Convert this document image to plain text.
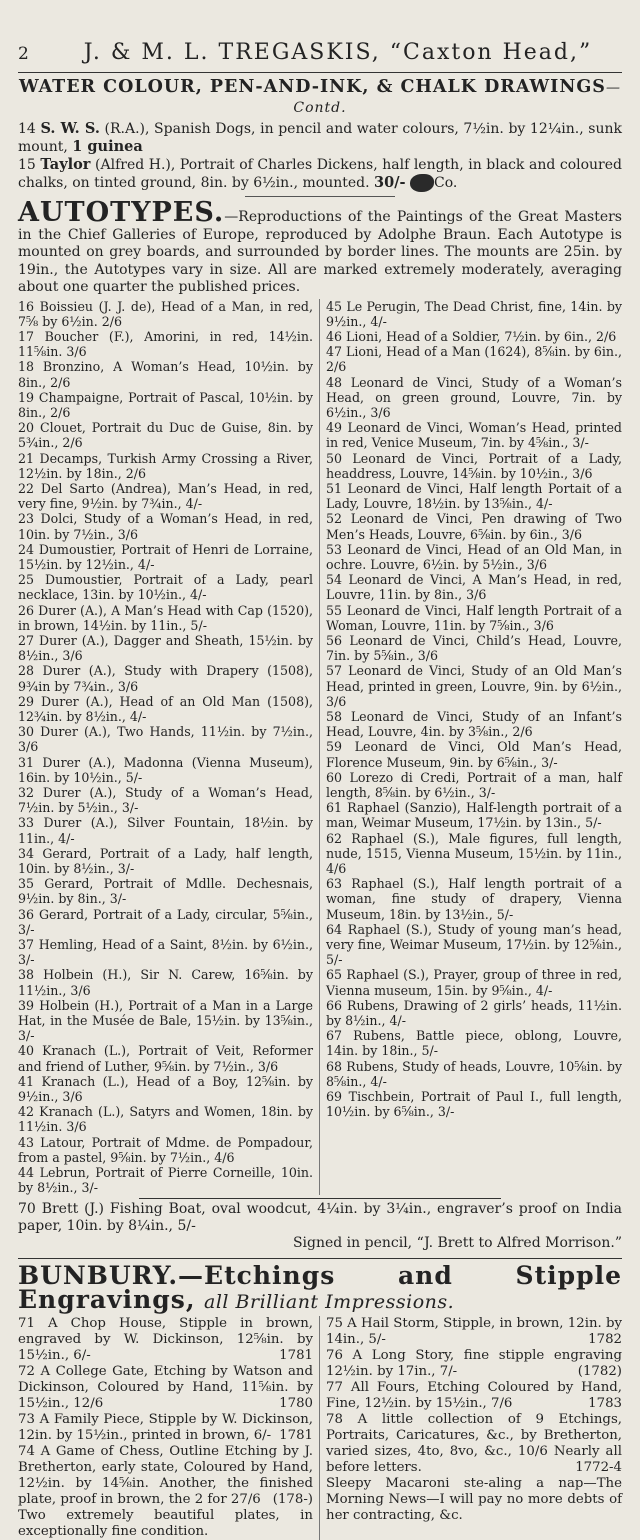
2	J. & M. L. TREGASKIS, “Caxton Head,”
WATER COLOUR, PEN-AND-INK, & CHALK DRAWINGS—Contd.

14 S. W. S. (R.A.), Spanish Dogs, in pencil and water colours, 7½in. by 12¼in., sunk mount, 1 guinea

15 Taylor (Alfred H.), Portrait of Charles Dickens, half length, in black and coloured chalks, on tinted ground, 8in. by 6½in., mounted. 30/- Co.

AUTOTYPES.—Reproductions of the Paintings of the Great Masters in the Chief Galleries of Europe, reproduced by Adolphe Braun. Each Autotype is mounted on grey boards, and surrounded by border lines. The mounts are 25in. by 19in., the Autotypes vary in size. All are marked extremely moderately, averaging about one quarter the published prices.

16 Boissieu (J. J. de), Head of a Man, in red, 7⅝ by 6½in. 2/6

17 Boucher (F.), Amorini, in red, 14½in. 11⅝in. 3/6

18 Bronzino, A Woman’s Head, 10½in. by 8in., 2/6

19 Champaigne, Portrait of Pascal, 10½in. by 8in., 2/6

20 Clouet, Portrait du Duc de Guise, 8in. by 5¾in., 2/6

21 Decamps, Turkish Army Crossing a River, 12½in. by 18in., 2/6

22 Del Sarto (Andrea), Man’s Head, in red, very fine, 9½in. by 7¾in., 4/-

23 Dolci, Study of a Woman’s Head, in red, 10in. by 7½in., 3/6

24 Dumoustier, Portrait of Henri de Lorraine, 15½in. by 12½in., 4/-

25 Dumoustier, Portrait of a Lady, pearl necklace, 13in. by 10½in., 4/-

26 Durer (A.), A Man’s Head with Cap (1520), in brown, 14½in. by 11in., 5/-

27 Durer (A.), Dagger and Sheath, 15½in. by 8½in., 3/6

28 Durer (A.), Study with Drapery (1508), 9¾in by 7¾in., 3/6

29 Durer (A.), Head of an Old Man (1508), 12¾in. by 8½in., 4/-

30 Durer (A.), Two Hands, 11½in. by 7½in., 3/6

31 Durer (A.), Madonna (Vienna Museum), 16in. by 10½in., 5/-

32 Durer (A.), Study of a Woman’s Head, 7½in. by 5½in., 3/-

33 Durer (A.), Silver Fountain, 18½in. by 11in., 4/-

34 Gerard, Portrait of a Lady, half length, 10in. by 8½in., 3/-

35 Gerard, Portrait of Mdlle. Dechesnais, 9½in. by 8in., 3/-

36 Gerard, Portrait of a Lady, circular, 5⅝in., 3/-

37 Hemling, Head of a Saint, 8½in. by 6½in., 3/-

38 Holbein (H.), Sir N. Carew, 16⅝in. by 11½in., 3/6

39 Holbein (H.), Portrait of a Man in a Large Hat, in the Musée de Bale, 15½in. by 13⅝in., 3/-

40 Kranach (L.), Portrait of Veit, Reformer and friend of Luther, 9⅝in. by 7½in., 3/6

41 Kranach (L.), Head of a Boy, 12⅝in. by 9½in., 3/6

42 Kranach (L.), Satyrs and Women, 18in. by 11½in. 3/6

43 Latour, Portrait of Mdme. de Pompadour, from a pastel, 9⅝in. by 7½in., 4/6

44 Lebrun, Portrait of Pierre Corneille, 10in. by 8½in., 3/-

45 Le Perugin, The Dead Christ, fine, 14in. by 9½in., 4/-

46 Lioni, Head of a Soldier, 7½in. by 6in., 2/6

47 Lioni, Head of a Man (1624), 8⅝in. by 6in., 2/6

48 Leonard de Vinci, Study of a Woman’s Head, on green ground, Louvre, 7in. by 6½in., 3/6

49 Leonard de Vinci, Woman’s Head, printed in red, Venice Museum, 7in. by 4⅝in., 3/-

50 Leonard de Vinci, Portrait of a Lady, headdress, Louvre, 14⅝in. by 10½in., 3/6

51 Leonard de Vinci, Half length Portait of a Lady, Louvre, 18½in. by 13⅝in., 4/-

52 Leonard de Vinci, Pen drawing of Two Men’s Heads, Louvre, 6⅝in. by 6in., 3/6

53 Leonard de Vinci, Head of an Old Man, in ochre. Louvre, 6½in. by 5½in., 3/6

54 Leonard de Vinci, A Man’s Head, in red, Louvre, 11in. by 8in., 3/6

55 Leonard de Vinci, Half length Portrait of a Woman, Louvre, 11in. by 7⅝in., 3/6

56 Leonard de Vinci, Child’s Head, Louvre, 7in. by 5⅝in., 3/6

57 Leonard de Vinci, Study of an Old Man’s Head, printed in green, Louvre, 9in. by 6½in., 3/6

58 Leonard de Vinci, Study of an Infant’s Head, Louvre, 4in. by 3⅝in., 2/6

59 Leonard de Vinci, Old Man’s Head, Florence Museum, 9in. by 6⅝in., 3/-

60 Lorezo di Credi, Portrait of a man, half length, 8⅝in. by 6½in., 3/-

61 Raphael (Sanzio), Half-length portrait of a man, Weimar Museum, 17½in. by 13in., 5/-

62 Raphael (S.), Male figures, full length, nude, 1515, Vienna Museum, 15½in. by 11in., 4/6

63 Raphael (S.), Half length portrait of a woman, fine study of drapery, Vienna Museum, 18in. by 13½in., 5/-

64 Raphael (S.), Study of young man’s head, very fine, Weimar Museum, 17½in. by 12⅝in., 5/-

65 Raphael (S.), Prayer, group of three in red, Vienna museum, 15in. by 9⅝in., 4/-

66 Rubens, Drawing of 2 girls’ heads, 11½in. by 8½in., 4/-

67 Rubens, Battle piece, oblong, Louvre, 14in. by 18in., 5/-

68 Rubens, Study of heads, Louvre, 10⅝in. by 8⅝in., 4/-

69 Tischbein, Portrait of Paul I., full length, 10½in. by 6⅝in., 3/-

70 Brett (J.) Fishing Boat, oval woodcut, 4¼in. by 3¼in., engraver’s proof on India paper, 10in. by 8¼in., 5/-

Signed in pencil, “J. Brett to Alfred Morrison.”

BUNBURY.—Etchings and Stipple Engravings, all Brilliant Impressions.

71 A Chop House, Stipple in brown, engraved by W. Dickinson, 12⅝in. by 15½in., 6/-	1781

72 A College Gate, Etching by Watson and Dickinson, Coloured by Hand, 11⅝in. by 15½in., 12/6	1780

73 A Family Piece, Stipple by W. Dickinson, 12in. by 15½in., printed in brown, 6/- 1781

74 A Game of Chess, Outline Etching by J. Bretherton, early state, Coloured by Hand, 12½in. by 14⅝in. Another, the finished plate, proof in brown, the 2 for 27/6 (178-)

Two extremely beautiful plates, in exceptionally fine condition.

75 A Hail Storm, Stipple, in brown, 12in. by 14in., 5/-	1782

76 A Long Story, fine stipple engraving 12½in. by 17in., 7/-	(1782)

77 All Fours, Etching Coloured by Hand, Fine, 12½in. by 15½in., 7/6	1783

78 A little collection of 9 Etchings, Portraits, Caricatures, &c., by Bretherton, varied sizes, 4to, 8vo, &c., 10/6 Nearly all before letters.	1772-4

Sleepy Macaroni ste-aling a nap—The Morning News—I will pay no more debts of her contracting, &c.
